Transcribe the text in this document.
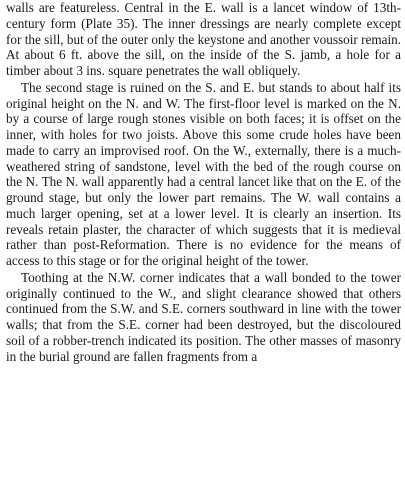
walls are featureless. Central in the E. wall is a lancet window of 13th-century form (Plate 35). The inner dressings are nearly complete except for the sill, but of the outer only the keystone and another voussoir remain. At about 6 ft. above the sill, on the inside of the S. jamb, a hole for a timber about 3 ins. square penetrates the wall obliquely.

The second stage is ruined on the S. and E. but stands to about half its original height on the N. and W. The first-floor level is marked on the N. by a course of large rough stones visible on both faces; it is offset on the inner, with holes for two joists. Above this some crude holes have been made to carry an improvised roof. On the W., externally, there is a much-weathered string of sandstone, level with the bed of the rough course on the N. The N. wall apparently had a central lancet like that on the E. of the ground stage, but only the lower part remains. The W. wall contains a much larger opening, set at a lower level. It is clearly an insertion. Its reveals retain plaster, the character of which suggests that it is medieval rather than post-Reformation. There is no evidence for the means of access to this stage or for the original height of the tower.

Toothing at the N.W. corner indicates that a wall bonded to the tower originally continued to the W., and slight clearance showed that others continued from the S.W. and S.E. corners southward in line with the tower walls; that from the S.E. corner had been destroyed, but the discoloured soil of a robber-trench indicated its position. The other masses of masonry in the burial ground are fallen fragments from a
